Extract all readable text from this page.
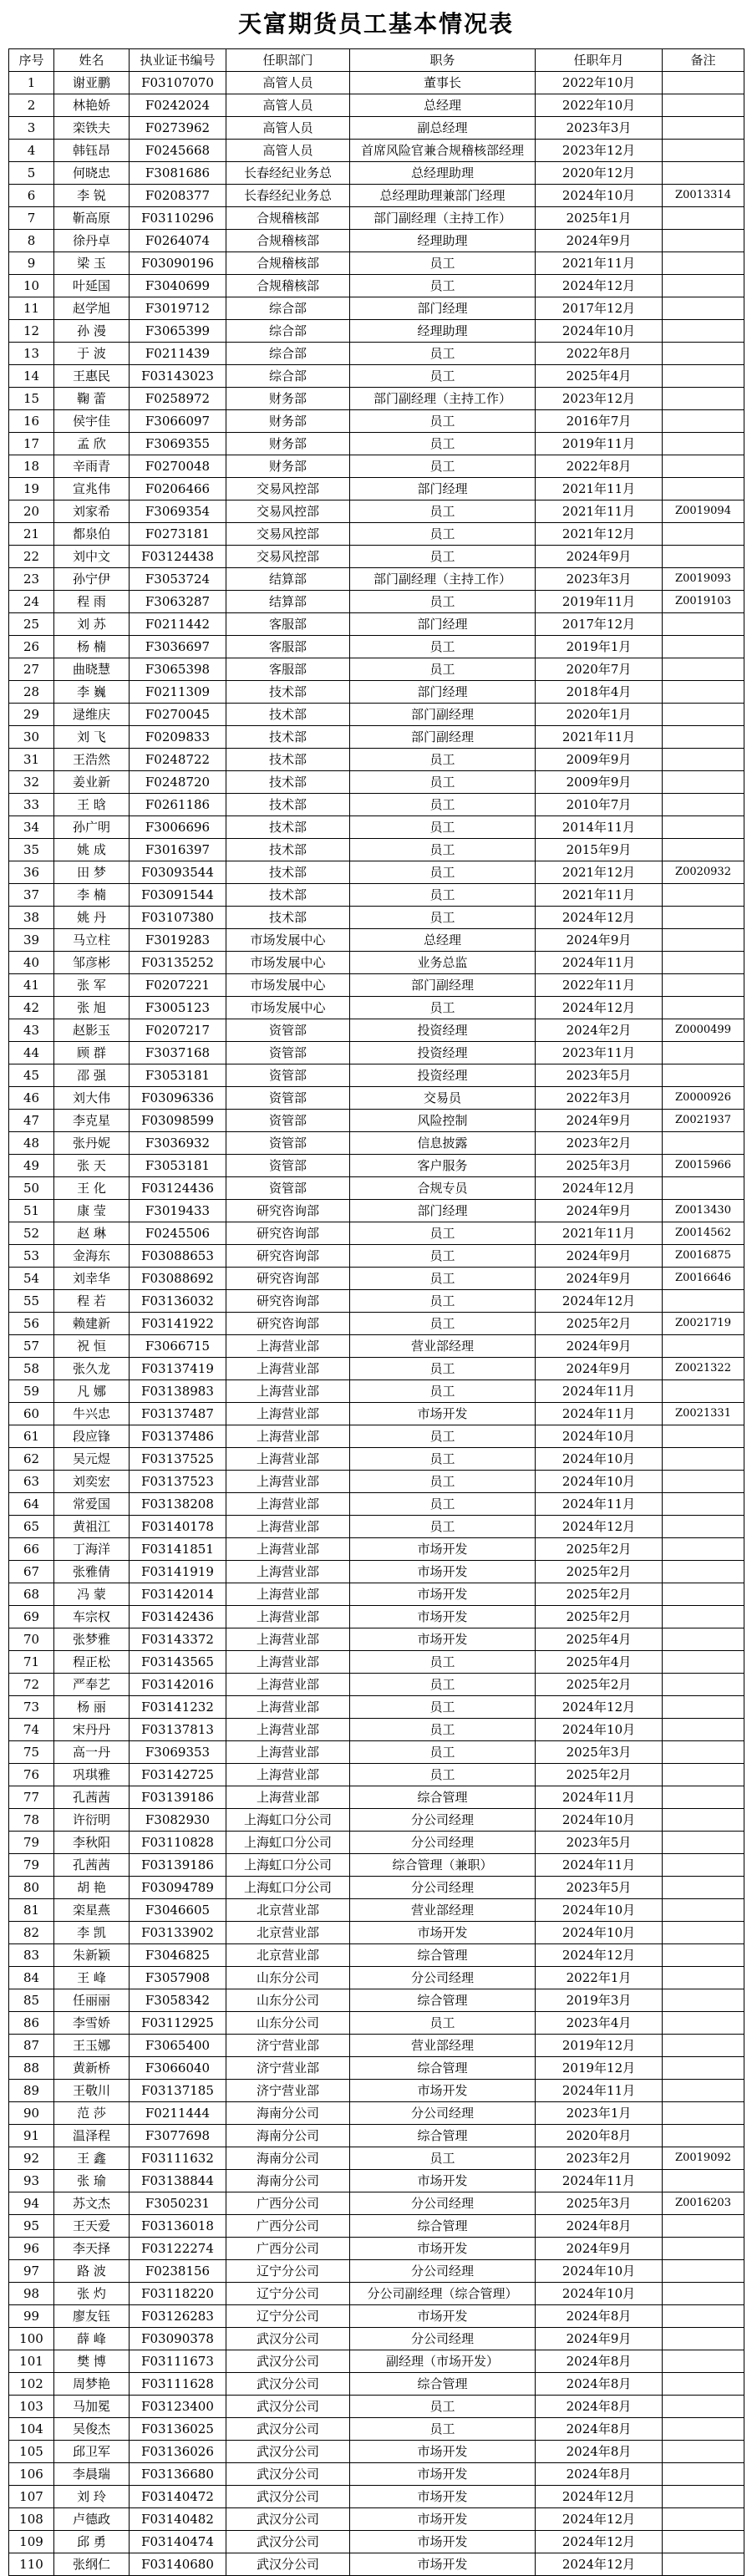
天富期货员工基本情况表
序号	姓名	执业证书编号	任职部门	职务	任职年月	备注
1	谢亚鹏	F03107070	高管人员	董事长	2022年10月	
2	林艳娇	F0242024	高管人员	总经理	2022年10月	
3	栾铁夫	F0273962	高管人员	副总经理	2023年3月	
4	韩钰昂	F0245668	高管人员	首席风险官兼合规稽核部经理	2023年12月	
5	何晓忠	F3081686	长春经纪业务总	总经理助理	2020年12月	
6	李 锐	F0208377	长春经纪业务总	总经理助理兼部门经理	2024年10月	Z0013314
7	靳高原	F03110296	合规稽核部	部门副经理（主持工作）	2025年1月	
8	徐丹卓	F0264074	合规稽核部	经理助理	2024年9月	
9	梁 玉	F03090196	合规稽核部	员工	2021年11月	
10	叶延国	F3040699	合规稽核部	员工	2024年12月	
11	赵学旭	F3019712	综合部	部门经理	2017年12月	
12	孙 漫	F3065399	综合部	经理助理	2024年10月	
13	于 波	F0211439	综合部	员工	2022年8月	
14	王惠民	F03143023	综合部	员工	2025年4月	
15	鞠 蕾	F0258972	财务部	部门副经理（主持工作）	2023年12月	
16	侯宇佳	F3066097	财务部	员工	2016年7月	
17	孟 欣	F3069355	财务部	员工	2019年11月	
18	辛雨青	F0270048	财务部	员工	2022年8月	
19	宣兆伟	F0206466	交易风控部	部门经理	2021年11月	
20	刘家希	F3069354	交易风控部	员工	2021年11月	Z0019094
21	都泉伯	F0273181	交易风控部	员工	2021年12月	
22	刘中文	F03124438	交易风控部	员工	2024年9月	
23	孙宁伊	F3053724	结算部	部门副经理（主持工作）	2023年3月	Z0019093
24	程 雨	F3063287	结算部	员工	2019年11月	Z0019103
25	刘 苏	F0211442	客服部	部门经理	2017年12月	
26	杨 楠	F3036697	客服部	员工	2019年1月	
27	曲晓慧	F3065398	客服部	员工	2020年7月	
28	李 巍	F0211309	技术部	部门经理	2018年4月	
29	逯维庆	F0270045	技术部	部门副经理	2020年1月	
30	刘 飞	F0209833	技术部	部门副经理	2021年11月	
31	王浩然	F0248722	技术部	员工	2009年9月	
32	姜业新	F0248720	技术部	员工	2009年9月	
33	王 晗	F0261186	技术部	员工	2010年7月	
34	孙广明	F3006696	技术部	员工	2014年11月	
35	姚 成	F3016397	技术部	员工	2015年9月	
36	田 梦	F03093544	技术部	员工	2021年12月	Z0020932
37	李 楠	F03091544	技术部	员工	2021年11月	
38	姚 丹	F03107380	技术部	员工	2024年12月	
39	马立柱	F3019283	市场发展中心	总经理	2024年9月	
40	邹彦彬	F03135252	市场发展中心	业务总监	2024年11月	
41	张 军	F0207221	市场发展中心	部门副经理	2022年11月	
42	张 旭	F3005123	市场发展中心	员工	2024年12月	
43	赵影玉	F0207217	资管部	投资经理	2024年2月	Z0000499
44	顾 群	F3037168	资管部	投资经理	2023年11月	
45	邵 强	F3053181	资管部	投资经理	2023年5月	
46	刘大伟	F03096336	资管部	交易员	2022年3月	Z0000926
47	李克星	F03098599	资管部	风险控制	2024年9月	Z0021937
48	张丹妮	F3036932	资管部	信息披露	2023年2月	
49	张 天	F3053181	资管部	客户服务	2025年3月	Z0015966
50	王 化	F03124436	资管部	合规专员	2024年12月	
51	康 莹	F3019433	研究咨询部	部门经理	2024年9月	Z0013430
52	赵 琳	F0245506	研究咨询部	员工	2021年11月	Z0014562
53	金海东	F03088653	研究咨询部	员工	2024年9月	Z0016875
54	刘幸华	F03088692	研究咨询部	员工	2024年9月	Z0016646
55	程 若	F03136032	研究咨询部	员工	2024年12月	
56	赖建新	F03141922	研究咨询部	员工	2025年2月	Z0021719
57	祝 恒	F3066715	上海营业部	营业部经理	2024年9月	
58	张久龙	F03137419	上海营业部	员工	2024年9月	Z0021322
59	凡 娜	F03138983	上海营业部	员工	2024年11月	
60	牛兴忠	F03137487	上海营业部	市场开发	2024年11月	Z0021331
61	段应锋	F03137486	上海营业部	员工	2024年10月	
62	吴元煜	F03137525	上海营业部	员工	2024年10月	
63	刘奕宏	F03137523	上海营业部	员工	2024年10月	
64	常爱国	F03138208	上海营业部	员工	2024年11月	
65	黄祖江	F03140178	上海营业部	员工	2024年12月	
66	丁海洋	F03141851	上海营业部	市场开发	2025年2月	
67	张雅倩	F03141919	上海营业部	市场开发	2025年2月	
68	冯 蒙	F03142014	上海营业部	市场开发	2025年2月	
69	车宗权	F03142436	上海营业部	市场开发	2025年2月	
70	张梦雅	F03143372	上海营业部	市场开发	2025年4月	
71	程正松	F03143565	上海营业部	员工	2025年4月	
72	严奉艺	F03142016	上海营业部	员工	2025年2月	
73	杨 丽	F03141232	上海营业部	员工	2024年12月	
74	宋丹丹	F03137813	上海营业部	员工	2024年10月	
75	高一丹	F3069353	上海营业部	员工	2025年3月	
76	巩琪雅	F03142725	上海营业部	员工	2025年2月	
77	孔茜茜	F03139186	上海营业部	综合管理	2024年11月	
78	许衍明	F3082930	上海虹口分公司	分公司经理	2024年10月	
79	李秋阳	F03110828	上海虹口分公司	分公司经理	2023年5月	
79	孔茜茜	F03139186	上海虹口分公司	综合管理（兼职）	2024年11月	
80	胡 艳	F03094789	上海虹口分公司	分公司经理	2023年5月	
81	栾星燕	F3046605	北京营业部	营业部经理	2024年10月	
82	李 凯	F03133902	北京营业部	市场开发	2024年10月	
83	朱新颖	F3046825	北京营业部	综合管理	2024年12月	
84	王 峰	F3057908	山东分公司	分公司经理	2022年1月	
85	任丽丽	F3058342	山东分公司	综合管理	2019年3月	
86	李雪娇	F03112925	山东分公司	员工	2023年4月	
87	王玉娜	F3065400	济宁营业部	营业部经理	2019年12月	
88	黄新桥	F3066040	济宁营业部	综合管理	2019年12月	
89	王敬川	F03137185	济宁营业部	市场开发	2024年11月	
90	范 莎	F0211444	海南分公司	分公司经理	2023年1月	
91	温泽程	F3077698	海南分公司	综合管理	2020年8月	
92	王 鑫	F03111632	海南分公司	员工	2023年2月	Z0019092
93	张 瑜	F03138844	海南分公司	市场开发	2024年11月	
94	苏文杰	F3050231	广西分公司	分公司经理	2025年3月	Z0016203
95	王天爱	F03136018	广西分公司	综合管理	2024年8月	
96	李天择	F03122274	广西分公司	市场开发	2024年9月	
97	路 波	F0238156	辽宁分公司	分公司经理	2024年10月	
98	张 灼	F03118220	辽宁分公司	分公司副经理（综合管理）	2024年10月	
99	廖友钰	F03126283	辽宁分公司	市场开发	2024年8月	
100	薛 峰	F03090378	武汉分公司	分公司经理	2024年9月	
101	樊 博	F03111673	武汉分公司	副经理（市场开发）	2024年8月	
102	周梦艳	F03111628	武汉分公司	综合管理	2024年8月	
103	马加冕	F03123400	武汉分公司	员工	2024年8月	
104	吴俊杰	F03136025	武汉分公司	员工	2024年8月	
105	邱卫军	F03136026	武汉分公司	市场开发	2024年8月	
106	李晨瑞	F03136680	武汉分公司	市场开发	2024年8月	
107	刘 玲	F03140472	武汉分公司	市场开发	2024年12月	
108	卢德政	F03140482	武汉分公司	市场开发	2024年12月	
109	邱 勇	F03140474	武汉分公司	市场开发	2024年12月	
110	张纲仁	F03140680	武汉分公司	市场开发	2024年12月	
